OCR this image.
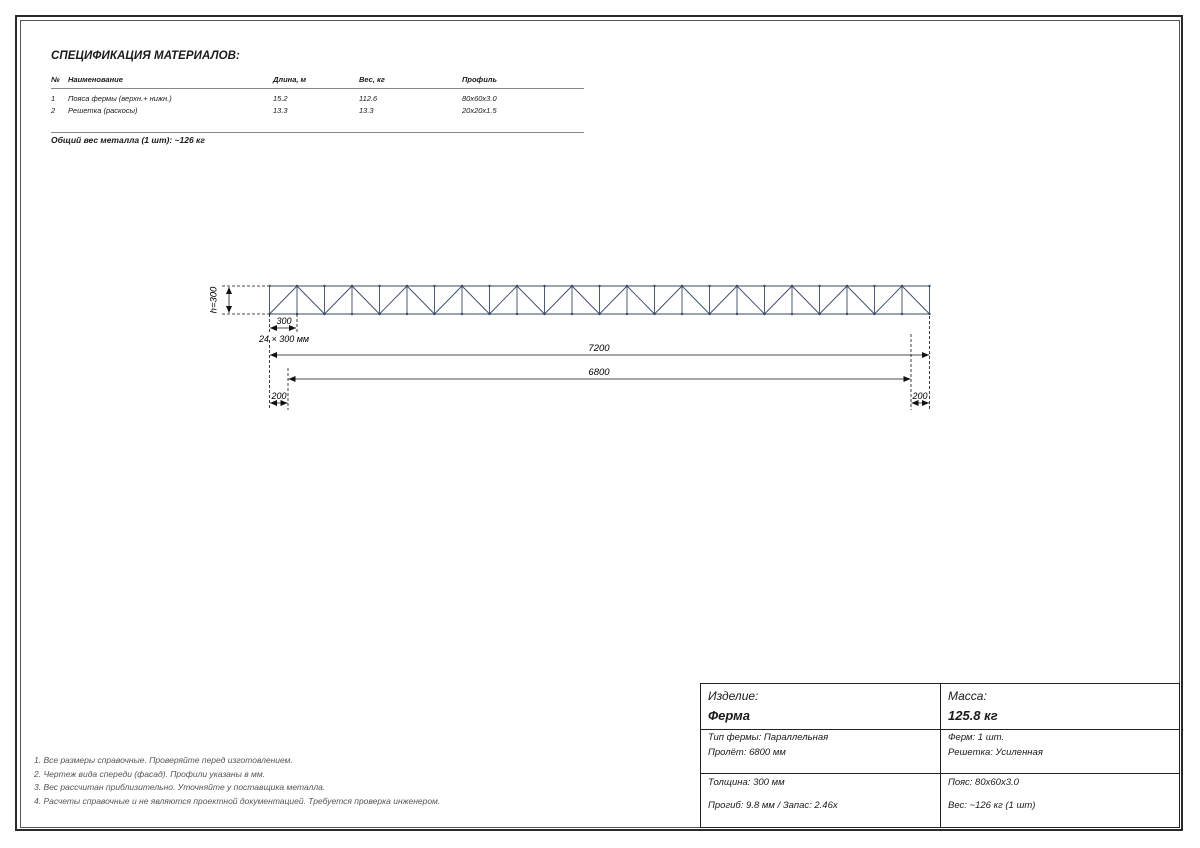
СПЕЦИФИКАЦИЯ МАТЕРИАЛОВ:
№	Наименование	Длина, м	Вес, кг	Профиль
1	Пояса фермы (верхн.+ нижн.)	15.2	112.6	80x60x3.0
2	Решетка (раскосы)	13.3	13.3	20x20x1.5
Общий вес металла (1 шт): ~126 кг
h=300
300
24 × 300 мм
7200
6800
200	200
1. Все размеры справочные. Проверяйте перед изготовлением.
2. Чертеж вида спереди (фасад). Профили указаны в мм.
3. Вес рассчитан приблизительно. Уточняйте у поставщика металла.
4. Расчеты справочные и не являются проектной документацией. Требуется проверка инженером.
Изделие:
Ферма
Масса:
125.8 кг
Тип фермы: Параллельная
Пролёт: 6800 мм
Ферм: 1 шт.
Решетка: Усиленная
Толщина: 300 мм
Прогиб: 9.8 мм / Запас: 2.46x
Пояс: 80x60x3.0
Вес: ~126 кг (1 шт)
